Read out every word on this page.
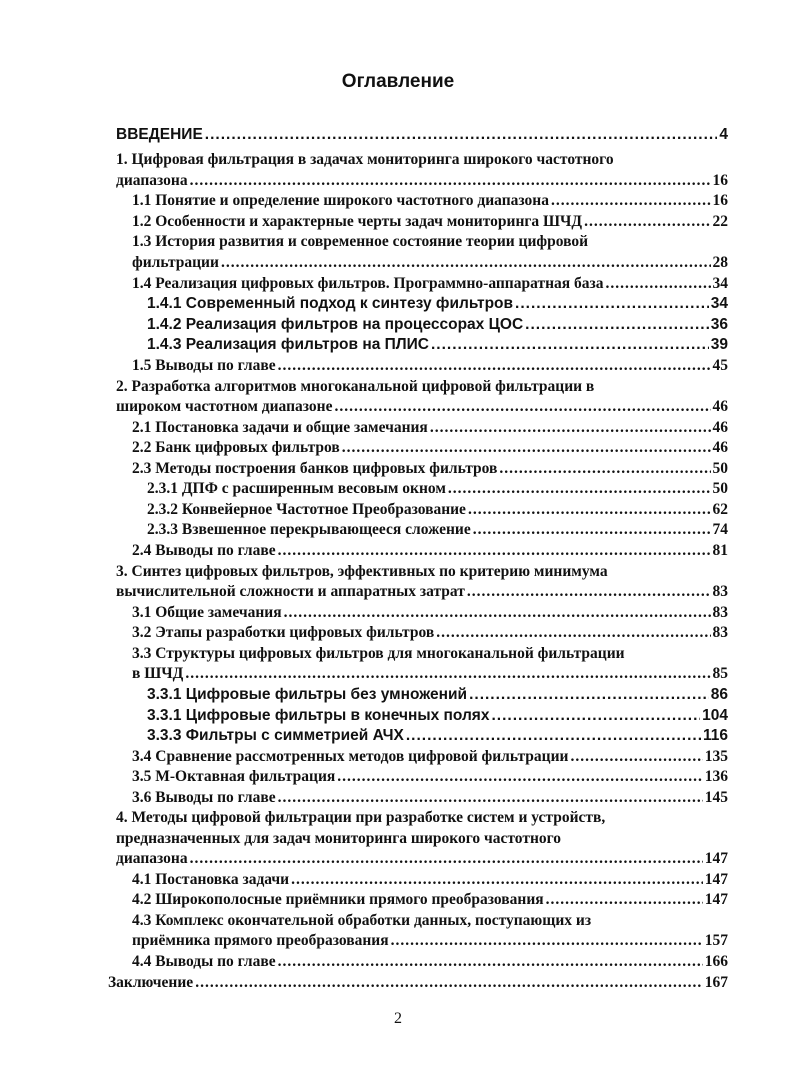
Оглавление
ВВЕДЕНИЕ .....	4
1. Цифровая фильтрация в задачах мониторинга широкого частотного
диапазона .....	16
1.1 Понятие и определение широкого частотного диапазона .....	16
1.2 Особенности и характерные черты задач мониторинга ШЧД .....	22
1.3 История развития и современное состояние теории цифровой
фильтрации .....	28
1.4 Реализация цифровых фильтров. Программно-аппаратная база .....	34
1.4.1 Современный подход к синтезу фильтров .....	34
1.4.2 Реализация фильтров на процессорах ЦОС .....	36
1.4.3 Реализация фильтров на ПЛИС .....	39
1.5 Выводы по главе .....	45
2. Разработка алгоритмов многоканальной цифровой фильтрации в
широком частотном диапазоне .....	46
2.1 Постановка задачи и общие замечания .....	46
2.2 Банк цифровых фильтров .....	46
2.3 Методы построения банков цифровых фильтров .....	50
2.3.1 ДПФ с расширенным весовым окном .....	50
2.3.2 Конвейерное Частотное Преобразование .....	62
2.3.3 Взвешенное перекрывающееся сложение .....	74
2.4 Выводы по главе .....	81
3. Синтез цифровых фильтров, эффективных по критерию минимума
вычислительной сложности и аппаратных затрат .....	83
3.1 Общие замечания .....	83
3.2 Этапы разработки цифровых фильтров .....	83
3.3 Структуры цифровых фильтров для многоканальной фильтрации
в ШЧД .....	85
3.3.1 Цифровые фильтры без умножений .....	86
3.3.1 Цифровые фильтры в конечных полях .....	104
3.3.3 Фильтры с симметрией АЧХ .....	116
3.4 Сравнение рассмотренных методов цифровой фильтрации .....	135
3.5 М-Октавная фильтрация .....	136
3.6 Выводы по главе .....	145
4. Методы цифровой фильтрации при разработке систем и устройств,
предназначенных для задач мониторинга широкого частотного
диапазона .....	147
4.1 Постановка задачи .....	147
4.2 Широкополосные приёмники прямого преобразования .....	147
4.3 Комплекс окончательной обработки данных, поступающих из
приёмника прямого преобразования .....	157
4.4 Выводы по главе .....	166
Заключение .....	167
2
